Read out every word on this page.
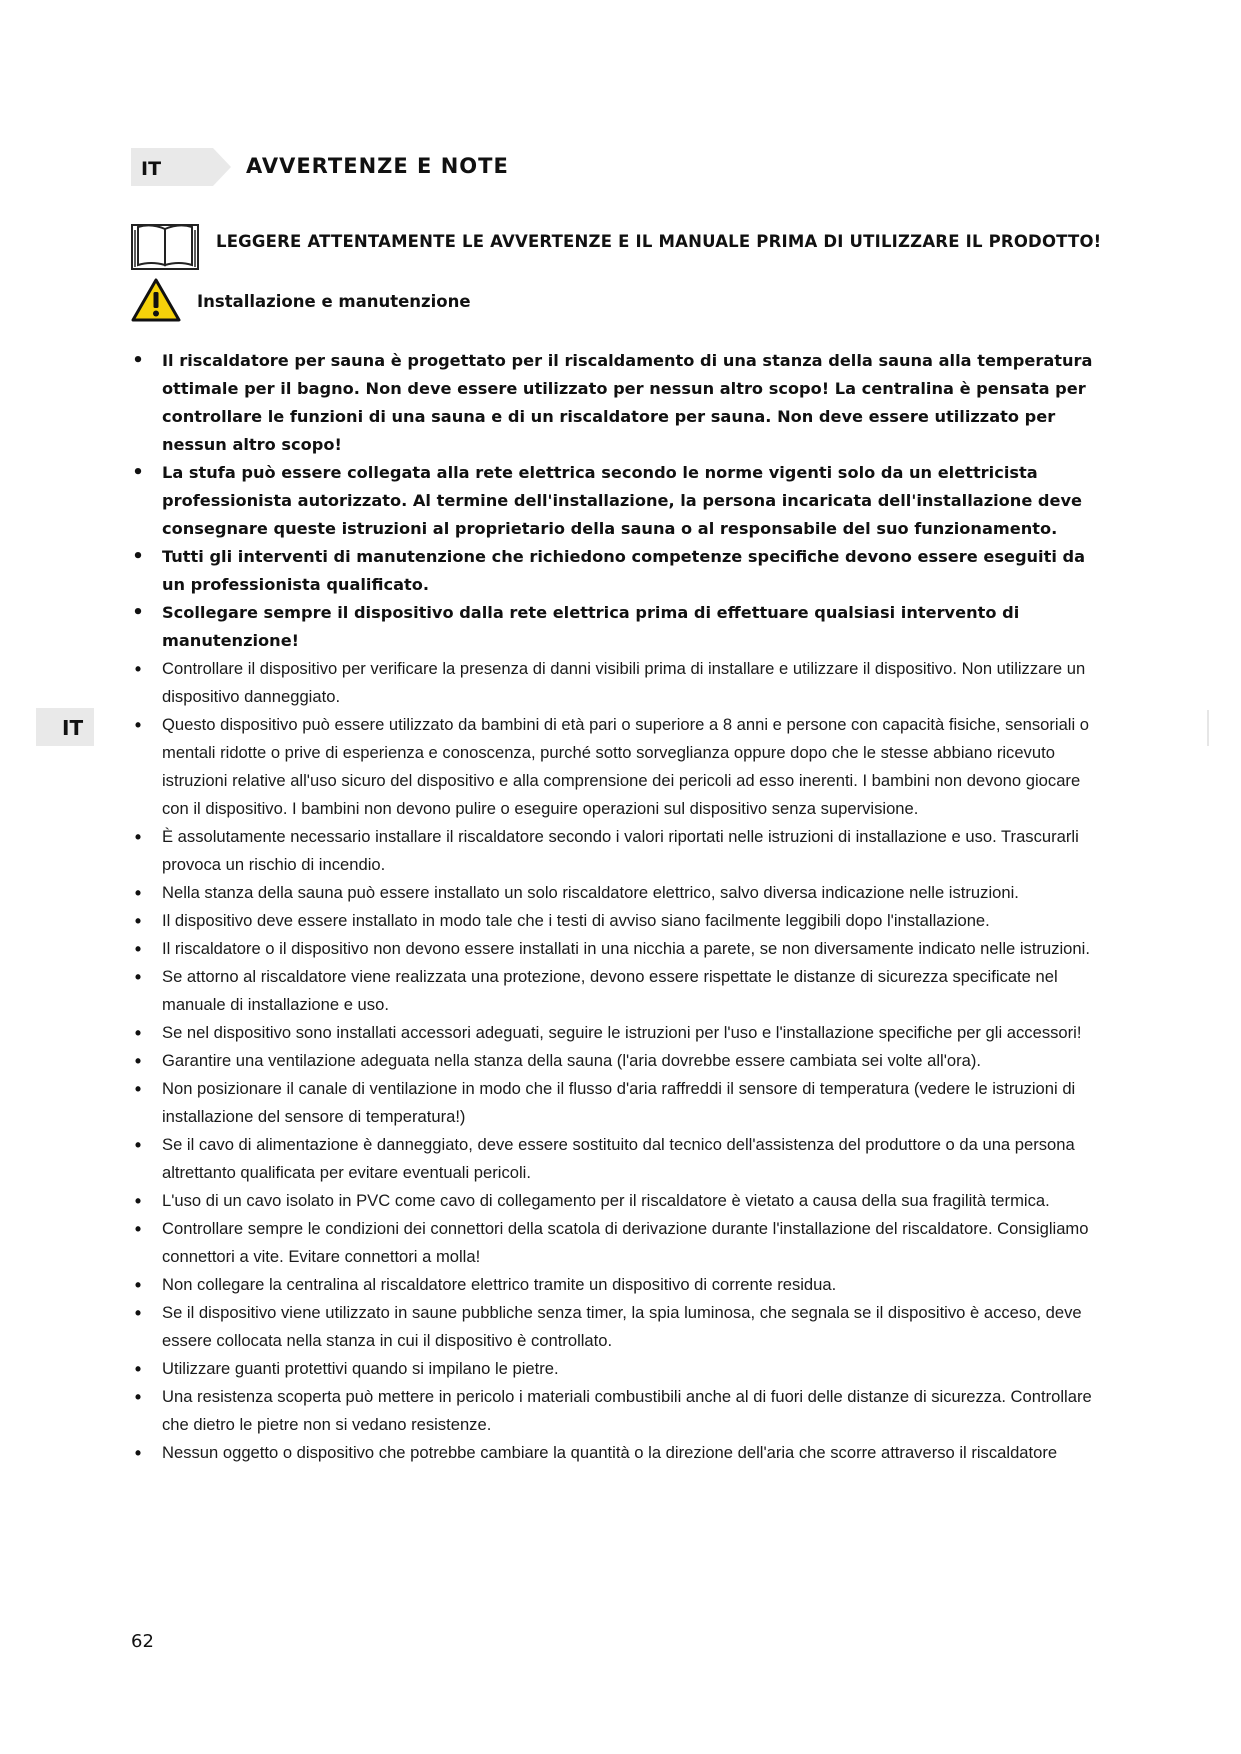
IT	AVVERTENZE E NOTE
LEGGERE ATTENTAMENTE LE AVVERTENZE E IL MANUALE PRIMA DI UTILIZZARE IL PRODOTTO!
Installazione e manutenzione
IT
• Il riscaldatore per sauna è progettato per il riscaldamento di una stanza della sauna alla temperatura ottimale per il bagno. Non deve essere utilizzato per nessun altro scopo! La centralina è pensata per controllare le funzioni di una sauna e di un riscaldatore per sauna. Non deve essere utilizzato per nessun altro scopo!
• La stufa può essere collegata alla rete elettrica secondo le norme vigenti solo da un elettricista professionista autorizzato. Al termine dell'installazione, la persona incaricata dell'installazione deve consegnare queste istruzioni al proprietario della sauna o al responsabile del suo funzionamento.
• Tutti gli interventi di manutenzione che richiedono competenze specifiche devono essere eseguiti da un professionista qualificato.
• Scollegare sempre il dispositivo dalla rete elettrica prima di effettuare qualsiasi intervento di manutenzione!
• Controllare il dispositivo per verificare la presenza di danni visibili prima di installare e utilizzare il dispositivo. Non utilizzare un dispositivo danneggiato.
• Questo dispositivo può essere utilizzato da bambini di età pari o superiore a 8 anni e persone con capacità fisiche, sensoriali o mentali ridotte o prive di esperienza e conoscenza, purché sotto sorveglianza oppure dopo che le stesse abbiano ricevuto istruzioni relative all'uso sicuro del dispositivo e alla comprensione dei pericoli ad esso inerenti. I bambini non devono giocare con il dispositivo. I bambini non devono pulire o eseguire operazioni sul dispositivo senza supervisione.
• È assolutamente necessario installare il riscaldatore secondo i valori riportati nelle istruzioni di installazione e uso. Trascurarli provoca un rischio di incendio.
• Nella stanza della sauna può essere installato un solo riscaldatore elettrico, salvo diversa indicazione nelle istruzioni.
• Il dispositivo deve essere installato in modo tale che i testi di avviso siano facilmente leggibili dopo l'installazione.
• Il riscaldatore o il dispositivo non devono essere installati in una nicchia a parete, se non diversamente indicato nelle istruzioni.
• Se attorno al riscaldatore viene realizzata una protezione, devono essere rispettate le distanze di sicurezza specificate nel manuale di installazione e uso.
• Se nel dispositivo sono installati accessori adeguati, seguire le istruzioni per l'uso e l'installazione specifiche per gli accessori!
• Garantire una ventilazione adeguata nella stanza della sauna (l'aria dovrebbe essere cambiata sei volte all'ora).
• Non posizionare il canale di ventilazione in modo che il flusso d'aria raffreddi il sensore di temperatura (vedere le istruzioni di installazione del sensore di temperatura!)
• Se il cavo di alimentazione è danneggiato, deve essere sostituito dal tecnico dell'assistenza del produttore o da una persona altrettanto qualificata per evitare eventuali pericoli.
• L'uso di un cavo isolato in PVC come cavo di collegamento per il riscaldatore è vietato a causa della sua fragilità termica.
• Controllare sempre le condizioni dei connettori della scatola di derivazione durante l'installazione del riscaldatore. Consigliamo connettori a vite. Evitare connettori a molla!
• Non collegare la centralina al riscaldatore elettrico tramite un dispositivo di corrente residua.
• Se il dispositivo viene utilizzato in saune pubbliche senza timer, la spia luminosa, che segnala se il dispositivo è acceso, deve essere collocata nella stanza in cui il dispositivo è controllato.
• Utilizzare guanti protettivi quando si impilano le pietre.
• Una resistenza scoperta può mettere in pericolo i materiali combustibili anche al di fuori delle distanze di sicurezza. Controllare che dietro le pietre non si vedano resistenze.
• Nessun oggetto o dispositivo che potrebbe cambiare la quantità o la direzione dell'aria che scorre attraverso il riscaldatore
62
